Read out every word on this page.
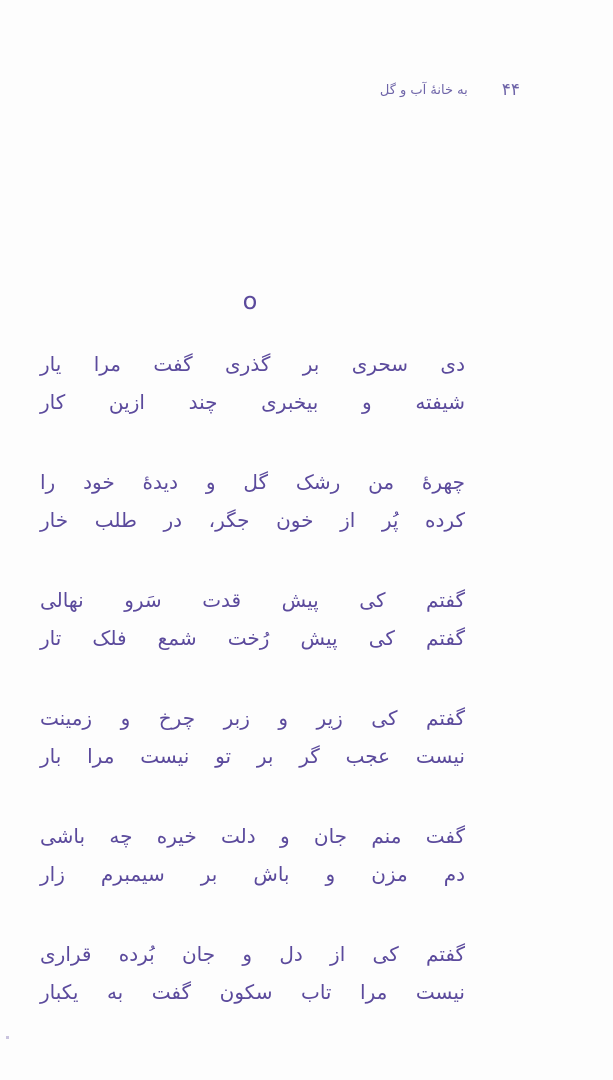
۴۴
به خانهٔ آب و گل
o
دی سحری بر گذری گفت مرا یار
شیفته و بیخبری چند ازین کار
چهرهٔ من رشک گل و دیدهٔ خود را
کرده پُر از خون جگر، در طلب خار
گفتم کی پیش قدت سَرو نهالی
گفتم کی پیش رُخت شمع فلک تار
گفتم کی زیر و زبر چرخ و زمینت
نیست عجب گر بر تو نیست مرا بار
گفت منم جان و دلت خیره چه باشی
دم مزن و باش بر سیمبرم زار
گفتم کی از دل و جان بُرده قراری
نیست مرا تاب سکون گفت به یکبار
